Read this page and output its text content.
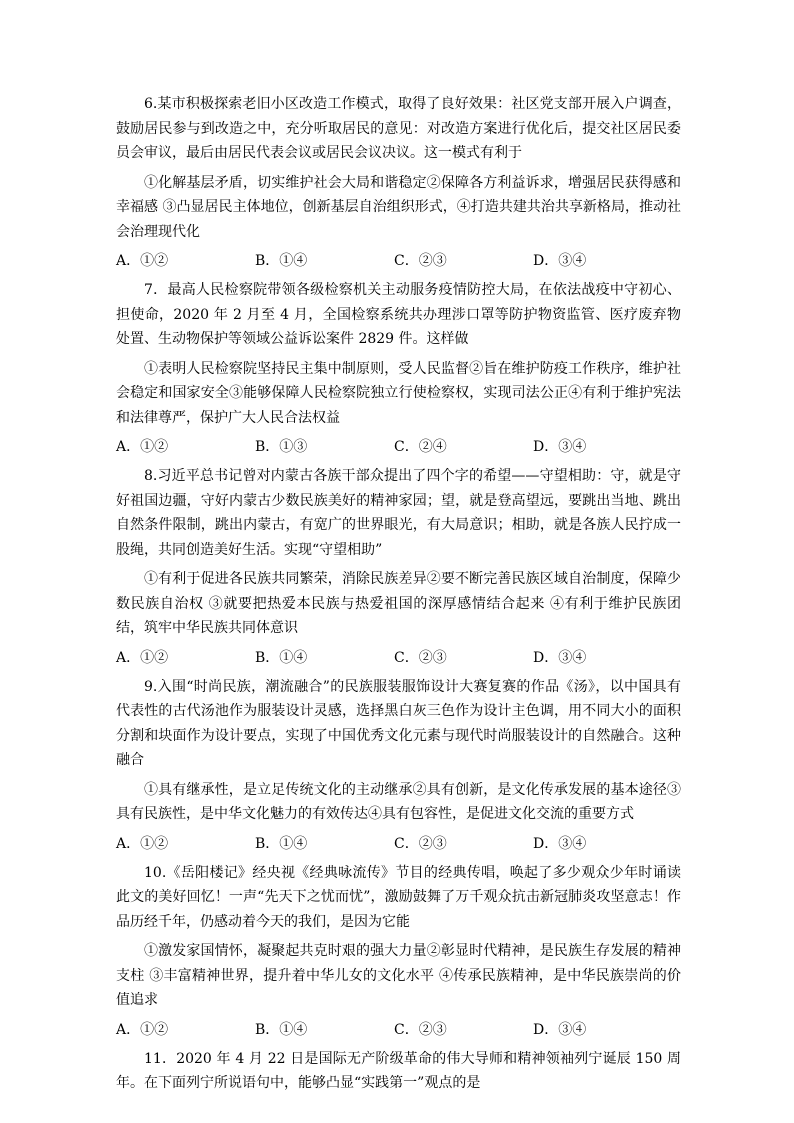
6.某市积极探索老旧小区改造工作模式，取得了良好效果：社区党支部开展入户调查，鼓励居民参与到改造之中，充分听取居民的意见：对改造方案进行优化后，提交社区居民委员会审议，最后由居民代表会议或居民会议决议。这一模式有利于

①化解基层矛盾，切实维护社会大局和谐稳定②保障各方利益诉求，增强居民获得感和幸福感 ③凸显居民主体地位，创新基层自治组织形式，④打造共建共治共享新格局，推动社会治理现代化

A．①②	B．①④	C．②③	D．③④

7．最高人民检察院带领各级检察机关主动服务疫情防控大局，在依法战疫中守初心、担使命，2020 年 2 月至 4 月，全国检察系统共办理涉口罩等防护物资监管、医疗废弃物处置、生动物保护等领域公益诉讼案件 2829 件。这样做

①表明人民检察院坚持民主集中制原则，受人民监督②旨在维护防疫工作秩序，维护社会稳定和国家安全③能够保障人民检察院独立行使检察权，实现司法公正④有利于维护宪法和法律尊严，保护广大人民合法权益

A．①②	B．①③	C．②④	D．③④

8.习近平总书记曾对内蒙古各族干部众提出了四个字的希望——守望相助：守，就是守好祖国边疆，守好内蒙古少数民族美好的精神家园；望，就是登高望远，要跳出当地、跳出自然条件限制，跳出内蒙古，有宽广的世界眼光，有大局意识；相助，就是各族人民拧成一股绳，共同创造美好生活。实现“守望相助”

①有利于促进各民族共同繁荣，消除民族差异②要不断完善民族区域自治制度，保障少数民族自治权 ③就要把热爱本民族与热爱祖国的深厚感情结合起来 ④有利于维护民族团结，筑牢中华民族共同体意识

A．①②	B．①④	C．②③	D．③④

9.入围“时尚民族，潮流融合”的民族服装服饰设计大赛复赛的作品《汤》，以中国具有代表性的古代汤池作为服装设计灵感，选择黑白灰三色作为设计主色调，用不同大小的面积分割和块面作为设计要点，实现了中国优秀文化元素与现代时尚服装设计的自然融合。这种融合

①具有继承性，是立足传统文化的主动继承②具有创新，是文化传承发展的基本途径③具有民族性，是中华文化魅力的有效传达④具有包容性，是促进文化交流的重要方式

A．①②	B．①④	C．②③	D．③④

10.《岳阳楼记》经央视《经典咏流传》节目的经典传唱，唤起了多少观众少年时诵读此文的美好回忆！一声“先天下之忧而忧”，激励鼓舞了万千观众抗击新冠肺炎攻坚意志！作品历经千年，仍感动着今天的我们，是因为它能

①激发家国情怀，凝聚起共克时艰的强大力量②彰显时代精神，是民族生存发展的精神支柱 ③丰富精神世界，提升着中华儿女的文化水平 ④传承民族精神，是中华民族崇尚的价值追求

A．①②	B．①④	C．②③	D．③④

11．2020 年 4 月 22 日是国际无产阶级革命的伟大导师和精神领袖列宁诞辰 150 周年。在下面列宁所说语句中，能够凸显“实践第一”观点的是
